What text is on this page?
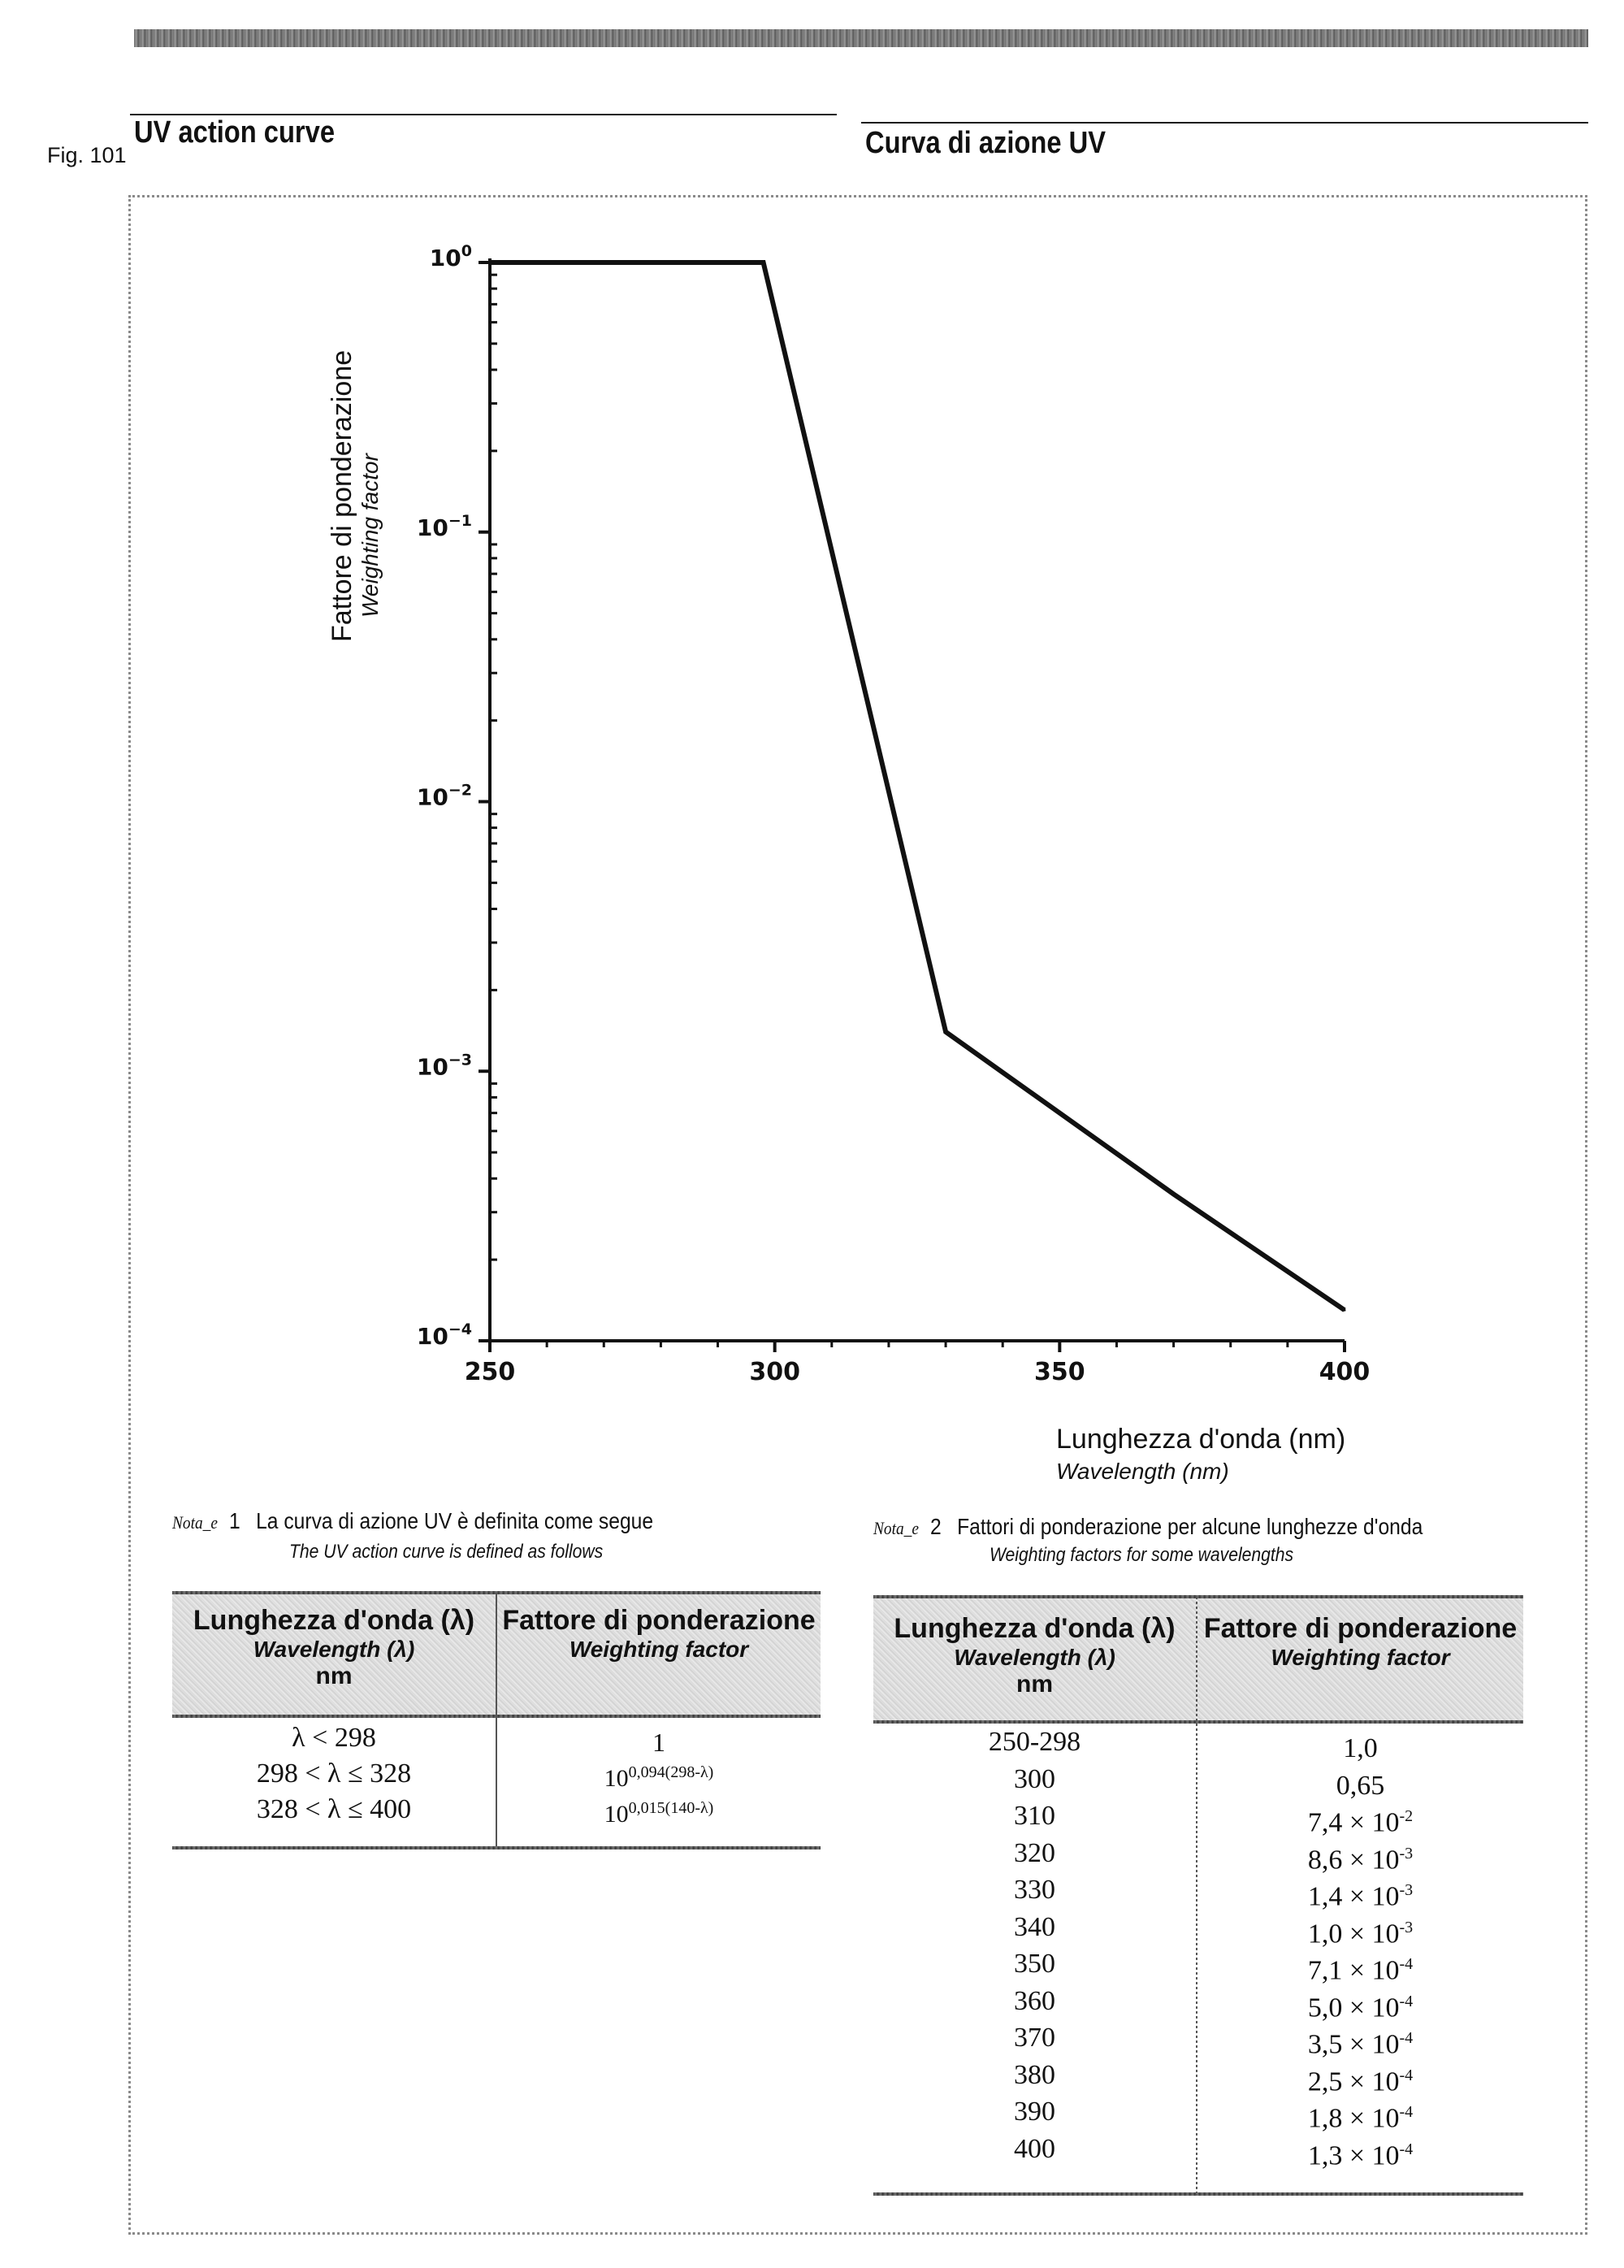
Fig. 101
UV action curve	Curva di azione UV
$10^0$
$10^{-1}$
$10^{-2}$
$10^{-3}$
$10^{-4}$
250	300	350	400
Fattore di ponderazione Weighting factor
Lunghezza d'onda (nm)
Wavelength (nm)
Nota_e 1 La curva di azione UV è definita come segue
The UV action curve is defined as follows
Lunghezza d'onda (λ)
Wavelength (λ)
nm
Fattore di ponderazione
Weighting factor
λ < 298	1
298 < λ ≤ 328	$10^{0,094(298-\lambda)}$
328 < λ ≤ 400	$10^{0,015(140-\lambda)}$
Nota_e 2 Fattori di ponderazione per alcune lunghezze d'onda
Weighting factors for some wavelengths
Lunghezza d'onda (λ)
Wavelength (λ)
nm
Fattore di ponderazione
Weighting factor
250-298	1,0
300	0,65
310	$7,4 \times 10^{-2}$
320	$8,6 \times 10^{-3}$
330	$1,4 \times 10^{-3}$
340	$1,0 \times 10^{-3}$
350	$7,1 \times 10^{-4}$
360	$5,0 \times 10^{-4}$
370	$3,5 \times 10^{-4}$
380	$2,5 \times 10^{-4}$
390	$1,8 \times 10^{-4}$
400	$1,3 \times 10^{-4}$
